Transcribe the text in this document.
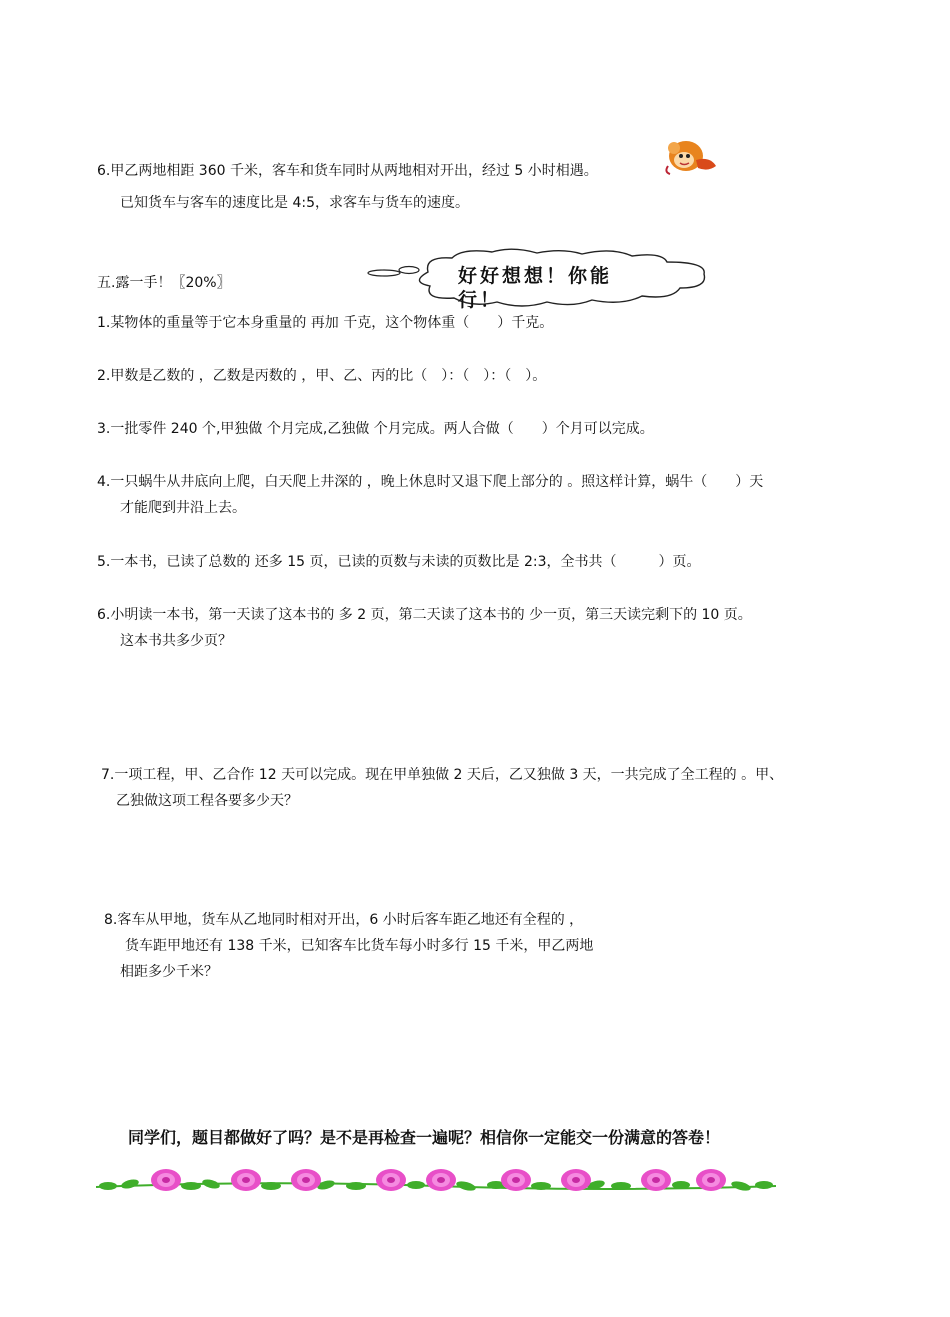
6.甲乙两地相距 360 千米，客车和货车同时从两地相对开出，经过 5 小时相遇。
已知货车与客车的速度比是 4:5，求客车与货车的速度。
五.露一手！〖20%〗	好好想想！你能
行！
1.某物体的重量等于它本身重量的 再加 千克，这个物体重（　　）千克。
2.甲数是乙数的 ，乙数是丙数的 ，甲、乙、丙的比（　）：（　）：（　）。
3.一批零件 240 个,甲独做 个月完成,乙独做 个月完成。两人合做（　　）个月可以完成。
4.一只蜗牛从井底向上爬，白天爬上井深的 ，晚上休息时又退下爬上部分的 。照这样计算，蜗牛（　　）天
才能爬到井沿上去。
5.一本书，已读了总数的 还多 15 页，已读的页数与未读的页数比是 2:3，全书共（　　　）页。
6.小明读一本书，第一天读了这本书的 多 2 页，第二天读了这本书的 少一页，第三天读完剩下的 10 页。
这本书共多少页？
7.一项工程，甲、乙合作 12 天可以完成。现在甲单独做 2 天后，乙又独做 3 天，一共完成了全工程的 。甲、
乙独做这项工程各要多少天？
8.客车从甲地，货车从乙地同时相对开出，6 小时后客车距乙地还有全程的 ，
货车距甲地还有 138 千米，已知客车比货车每小时多行 15 千米，甲乙两地
相距多少千米？
同学们，题目都做好了吗？是不是再检查一遍呢？相信你一定能交一份满意的答卷！
